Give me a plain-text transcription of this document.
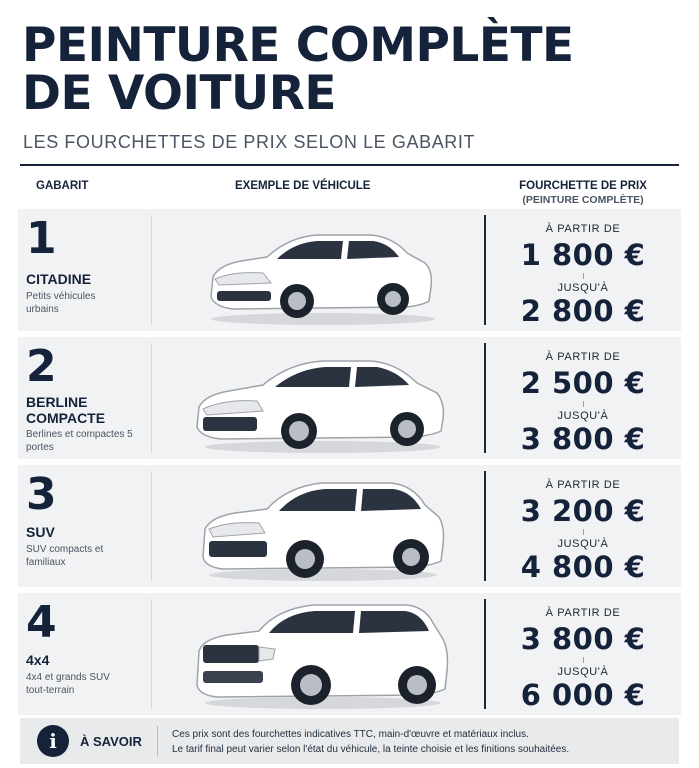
PEINTURE COMPLÈTE
DE VOITURE
LES FOURCHETTES DE PRIX SELON LE GABARIT
GABARIT	EXEMPLE DE VÉHICULE	FOURCHETTE DE PRIX
(PEINTURE COMPLÈTE)
1
CITADINE
Petits véhicules urbains
À PARTIR DE
1 800 €
JUSQU'À
2 800 €
2
BERLINE COMPACTE
Berlines et compactes 5 portes
À PARTIR DE
2 500 €
JUSQU'À
3 800 €
3
SUV
SUV compacts et familiaux
À PARTIR DE
3 200 €
JUSQU'À
4 800 €
4
4x4
4x4 et grands SUV tout-terrain
À PARTIR DE
3 800 €
JUSQU'À
6 000 €
i	À SAVOIR	Ces prix sont des fourchettes indicatives TTC, main-d'œuvre et matériaux inclus.
Le tarif final peut varier selon l'état du véhicule, la teinte choisie et les finitions souhaitées.
